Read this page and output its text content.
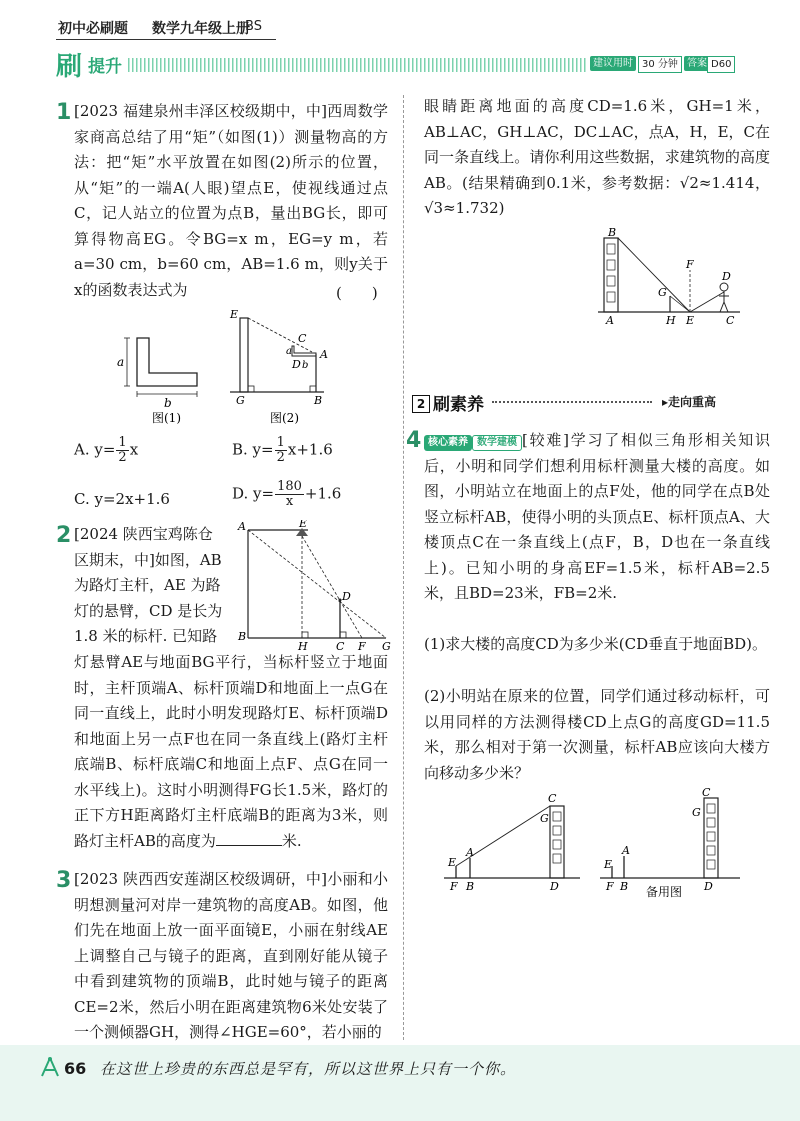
初中必刷题 数学九年级上册
BS
刷 提升	建议用时 30 分钟 答案 D60
1 [2023 福建泉州丰泽区校级期中，中]西周数学家商高总结了用“矩”（如图(1)）测量物高的方法：把“矩”水平放置在如图(2)所示的位置，从“矩”的一端A(人眼)望点E，使视线通过点C，记人站立的位置为点B，量出BG长，即可算得物高EG。令BG=x m，EG=y m，若a=30 cm，b=60 cm，AB=1.6 m，则y关于x的函数表达式为	(　　)
a
b
图(1)
E
C
a
D b
A
G	B
图(2)
A. $y= \frac{1}{2}$ x	B. $y= \frac{1}{2} x+1.6$
C. y=2x+1.6	D. $y= \frac{180}{x} +1.6$
2 [2024 陕西宝鸡陈仓
区期末，中]如图，AB
为路灯主杆，AE 为路
灯的悬臂，CD 是长为
1.8 米的标杆. 已知路
A	E
D
B
H	C F G
灯悬臂AE与地面BG平行，当标杆竖立于地面时，主杆顶端A、标杆顶端D和地面上一点G在同一直线上，此时小明发现路灯E、标杆顶端D和地面上另一点F也在同一条直线上(路灯主杆底端B、标杆底端C和地面上点F、点G在同一水平线上)。这时小明测得FG长1.5米，路灯的正下方H距离路灯主杆底端B的距离为3米，则路灯主杆AB的高度为	米.
3 [2023 陕西西安莲湖区校级调研，中]小丽和小明想测量河对岸一建筑物的高度AB。如图，他们先在地面上放一面平面镜E，小丽在射线AE上调整自己与镜子的距离，直到刚好能从镜子中看到建筑物的顶端B，此时她与镜子的距离CE=2米，然后小明在距离建筑物6米处安装了一个测倾器GH，测得∠HGE=60°，若小丽的
眼睛距离地面的高度CD=1.6米，GH=1米，AB⊥AC，GH⊥AC，DC⊥AC，点A，H，E，C在同一条直线上。请你利用这些数据，求建筑物的高度AB。(结果精确到0.1米，参考数据：√2≈1.414，√3≈1.732)
B
F
D
G
A	H E	C
2 刷素养	▸走向重高
4 核心素养 数学建模 [较难]学习了相似三角形相关知识后，小明和同学们想利用标杆测量大楼的高度。如图，小明站立在地面上的点F处，他的同学在点B处竖立标杆AB，使得小明的头顶点E、标杆顶点A、大楼顶点C在一条直线上(点F，B，D也在一条直线上)。已知小明的身高EF=1.5米，标杆AB=2.5米，且BD=23米，FB=2米.
(1)求大楼的高度CD为多少米(CD垂直于地面BD)。
(2)小明站在原来的位置，同学们通过移动标杆，可以用同样的方法测得楼CD上点G的高度GD=11.5米，那么相对于第一次测量，标杆AB应该向大楼方向移动多少米？
C
G
E
A
F B	D
C
G
A
E
F B	D
备用图
66 在这世上珍贵的东西总是罕有，所以这世界上只有一个你。
